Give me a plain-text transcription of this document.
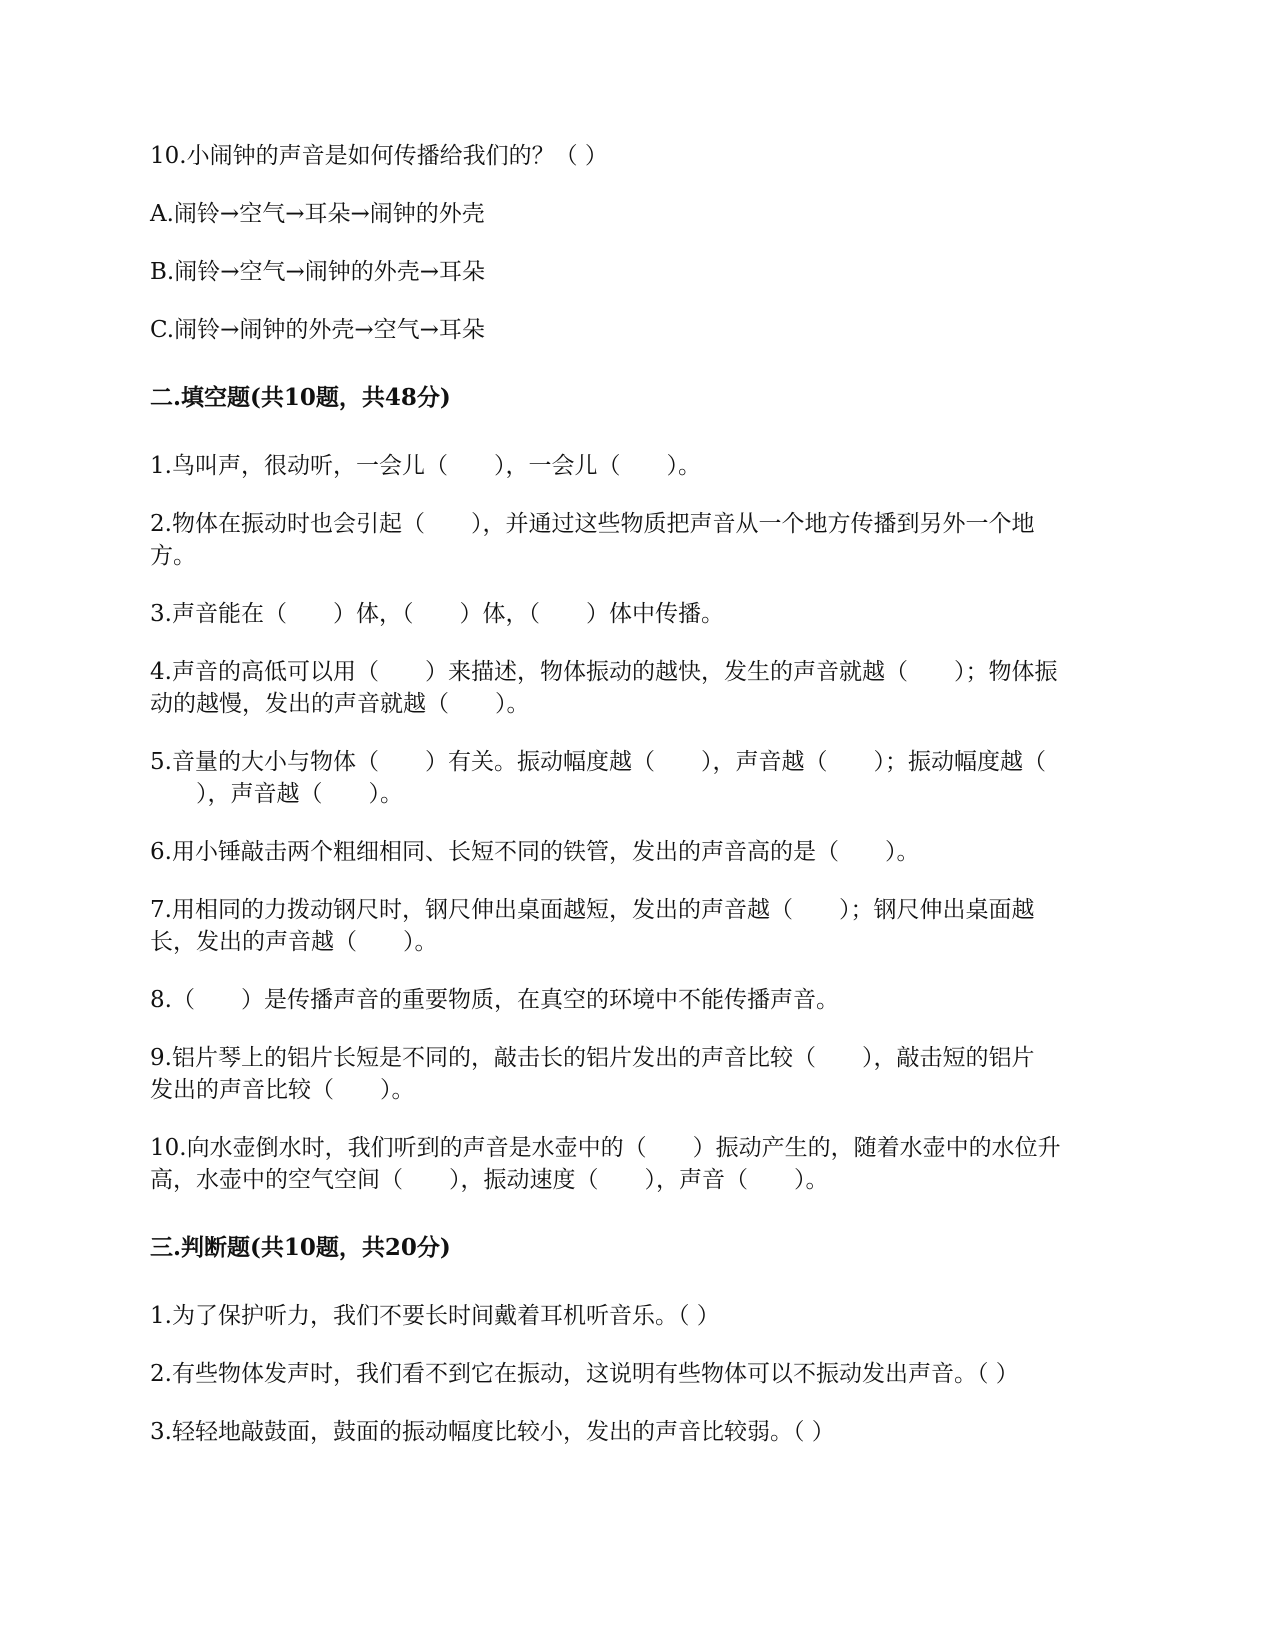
10.小闹钟的声音是如何传播给我们的？（ ）

A.闹铃→空气→耳朵→闹钟的外壳

B.闹铃→空气→闹钟的外壳→耳朵

C.闹铃→闹钟的外壳→空气→耳朵

二.填空题(共10题，共48分)

1.鸟叫声，很动听，一会儿（　　），一会儿（　　）。

2.物体在振动时也会引起（　　），并通过这些物质把声音从一个地方传播到另外一个地

方。

3.声音能在（　　）体，（　　）体，（　　）体中传播。

4.声音的高低可以用（　　）来描述，物体振动的越快，发生的声音就越（　　）；物体振

动的越慢，发出的声音就越（　　）。

5.音量的大小与物体（　　）有关。振动幅度越（　　），声音越（　　）；振动幅度越（

　　），声音越（　　）。

6.用小锤敲击两个粗细相同、长短不同的铁管，发出的声音高的是（　　）。

7.用相同的力拨动钢尺时，钢尺伸出桌面越短，发出的声音越（　　）；钢尺伸出桌面越

长，发出的声音越（　　）。

8.（　　）是传播声音的重要物质，在真空的环境中不能传播声音。

9.铝片琴上的铝片长短是不同的，敲击长的铝片发出的声音比较（　　），敲击短的铝片

发出的声音比较（　　）。

10.向水壶倒水时，我们听到的声音是水壶中的（　　）振动产生的，随着水壶中的水位升

高，水壶中的空气空间（　　），振动速度（　　），声音（　　）。

三.判断题(共10题，共20分)

1.为了保护听力，我们不要长时间戴着耳机听音乐。（ ）

2.有些物体发声时，我们看不到它在振动，这说明有些物体可以不振动发出声音。（ ）

3.轻轻地敲鼓面，鼓面的振动幅度比较小，发出的声音比较弱。（ ）
